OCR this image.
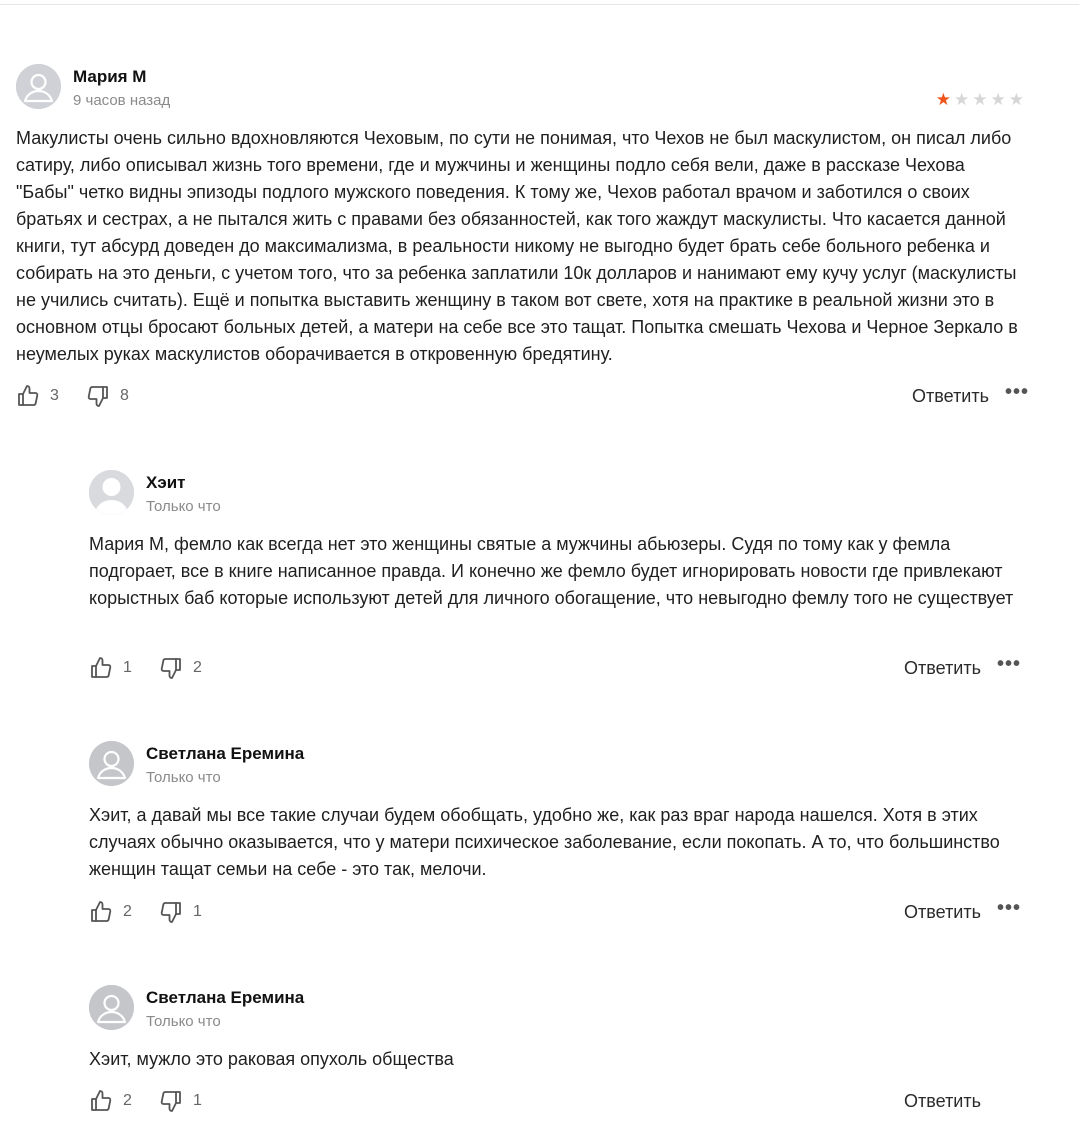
Мария М
9 часов назад	★★★★★

Макулисты очень сильно вдохновляются Чеховым, по сути не понимая, что Чехов не был маскулистом, он писал либо сатиру, либо описывал жизнь того времени, где и мужчины и женщины подло себя вели, даже в рассказе Чехова "Бабы" четко видны эпизоды подлого мужского поведения. К тому же, Чехов работал врачом и заботился о своих братьях и сестрах, а не пытался жить с правами без обязанностей, как того жаждут маскулисты. Что касается данной книги, тут абсурд доведен до максимализма, в реальности никому не выгодно будет брать себе больного ребенка и собирать на это деньги, с учетом того, что за ребенка заплатили 10к долларов и нанимают ему кучу услуг (маскулисты не учились считать). Ещё и попытка выставить женщину в таком вот свете, хотя на практике в реальной жизни это в основном отцы бросают больных детей, а матери на себе все это тащат. Попытка смешать Чехова и Черное Зеркало в неумелых руках маскулистов оборачивается в откровенную бредятину.

3	8	Ответить •••
Хэит
Только что

Мария М, фемло как всегда нет это женщины святые а мужчины абьюзеры. Судя по тому как у фемла подгорает, все в книге написанное правда. И конечно же фемло будет игнорировать новости где привлекают корыстных баб которые используют детей для личного обогащение, что невыгодно фемлу того не существует

1	2	Ответить •••
Светлана Еремина
Только что

Хэит, а давай мы все такие случаи будем обобщать, удобно же, как раз враг народа нашелся. Хотя в этих случаях обычно оказывается, что у матери психическое заболевание, если покопать. А то, что большинство женщин тащат семьи на себе - это так, мелочи.

2	1	Ответить •••
Светлана Еремина
Только что

Хэит, мужло это раковая опухоль общества

2	1	Ответить
